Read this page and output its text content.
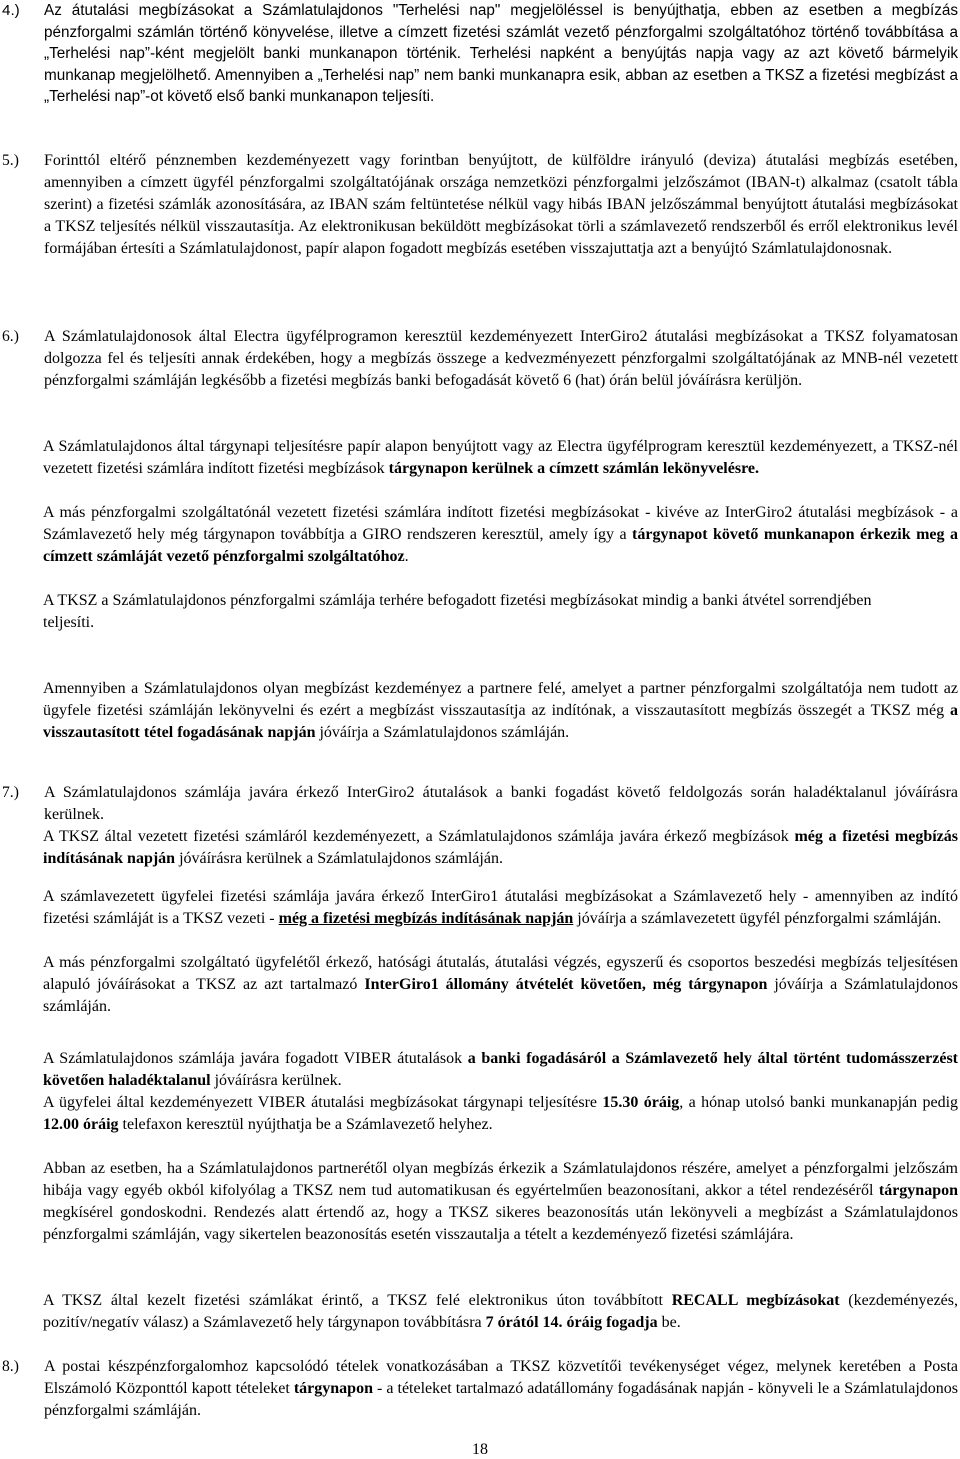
4.)	Az átutalási megbízásokat a Számlatulajdonos "Terhelési nap" megjelöléssel is benyújthatja, ebben az esetben a megbízás pénzforgalmi számlán történő könyvelése, illetve a címzett fizetési számlát vezető pénzforgalmi szolgáltatóhoz történő továbbítása a „Terhelési nap”-ként megjelölt banki munkanapon történik. Terhelési napként a benyújtás napja vagy az azt követő bármelyik munkanap megjelölhető. Amennyiben a „Terhelési nap” nem banki munkanapra esik, abban az esetben a TKSZ a fizetési megbízást a „Terhelési nap”-ot követő első banki munkanapon teljesíti.

5.)	Forinttól eltérő pénznemben kezdeményezett vagy forintban benyújtott, de külföldre irányuló (deviza) átutalási megbízás esetében, amennyiben a címzett ügyfél pénzforgalmi szolgáltatójának országa nemzetközi pénzforgalmi jelzőszámot (IBAN-t) alkalmaz (csatolt tábla szerint) a fizetési számlák azonosítására, az IBAN szám feltüntetése nélkül vagy hibás IBAN jelzőszámmal benyújtott átutalási megbízásokat a TKSZ teljesítés nélkül visszautasítja. Az elektronikusan beküldött megbízásokat törli a számlavezető rendszerből és erről elektronikus levél formájában értesíti a Számlatulajdonost, papír alapon fogadott megbízás esetében visszajuttatja azt a benyújtó Számlatulajdonosnak.

6.)	A Számlatulajdonosok által Electra ügyfélprogramon keresztül kezdeményezett InterGiro2 átutalási megbízásokat a TKSZ folyamatosan dolgozza fel és teljesíti annak érdekében, hogy a megbízás összege a kedvezményezett pénzforgalmi szolgáltatójának az MNB-nél vezetett pénzforgalmi számláján legkésőbb a fizetési megbízás banki befogadását követő 6 (hat) órán belül jóváírásra kerüljön.

A Számlatulajdonos által tárgynapi teljesítésre papír alapon benyújtott vagy az Electra ügyfélprogram keresztül kezdeményezett, a TKSZ-nél vezetett fizetési számlára indított fizetési megbízások tárgynapon kerülnek a címzett számlán lekönyvelésre.

A más pénzforgalmi szolgáltatónál vezetett fizetési számlára indított fizetési megbízásokat - kivéve az InterGiro2 átutalási megbízások - a Számlavezető hely még tárgynapon továbbítja a GIRO rendszeren keresztül, amely így a tárgynapot követő munkanapon érkezik meg a címzett számláját vezető pénzforgalmi szolgáltatóhoz.

A TKSZ a Számlatulajdonos pénzforgalmi számlája terhére befogadott fizetési megbízásokat mindig a banki átvétel sorrendjében
teljesíti.

Amennyiben a Számlatulajdonos olyan megbízást kezdeményez a partnere felé, amelyet a partner pénzforgalmi szolgáltatója nem tudott az ügyfele fizetési számláján lekönyvelni és ezért a megbízást visszautasítja az indítónak, a visszautasított megbízás összegét a TKSZ még a visszautasított tétel fogadásának napján jóváírja a Számlatulajdonos számláján.

7.)	A Számlatulajdonos számlája javára érkező InterGiro2 átutalások a banki fogadást követő feldolgozás során haladéktalanul jóváírásra kerülnek.

A TKSZ által vezetett fizetési számláról kezdeményezett, a Számlatulajdonos számlája javára érkező megbízások még a fizetési megbízás indításának napján jóváírásra kerülnek a Számlatulajdonos számláján.

A számlavezetett ügyfelei fizetési számlája javára érkező InterGiro1 átutalási megbízásokat a Számlavezető hely - amennyiben az indító fizetési számláját is a TKSZ vezeti - még a fizetési megbízás indításának napján jóváírja a számlavezetett ügyfél pénzforgalmi számláján.

A más pénzforgalmi szolgáltató ügyfelétől érkező, hatósági átutalás, átutalási végzés, egyszerű és csoportos beszedési megbízás teljesítésen alapuló jóváírásokat a TKSZ az azt tartalmazó InterGiro1 állomány átvételét követően, még tárgynapon jóváírja a Számlatulajdonos számláján.

A Számlatulajdonos számlája javára fogadott VIBER átutalások a banki fogadásáról a Számlavezető hely által történt tudomásszerzést követően haladéktalanul jóváírásra kerülnek.

A ügyfelei által kezdeményezett VIBER átutalási megbízásokat tárgynapi teljesítésre 15.30 óráig, a hónap utolsó banki munkanapján pedig 12.00 óráig telefaxon keresztül nyújthatja be a Számlavezető helyhez.

Abban az esetben, ha a Számlatulajdonos partnerétől olyan megbízás érkezik a Számlatulajdonos részére, amelyet a pénzforgalmi jelzőszám hibája vagy egyéb okból kifolyólag a TKSZ nem tud automatikusan és egyértelműen beazonosítani, akkor a tétel rendezéséről tárgynapon megkísérel gondoskodni. Rendezés alatt értendő az, hogy a TKSZ sikeres beazonosítás után lekönyveli a megbízást a Számlatulajdonos pénzforgalmi számláján, vagy sikertelen beazonosítás esetén visszautalja a tételt a kezdeményező fizetési számlájára.

A TKSZ által kezelt fizetési számlákat érintő, a TKSZ felé elektronikus úton továbbított RECALL megbízásokat (kezdeményezés, pozitív/negatív válasz) a Számlavezető hely tárgynapon továbbításra 7 órától 14. óráig fogadja be.

8.)	A postai készpénzforgalomhoz kapcsolódó tételek vonatkozásában a TKSZ közvetítői tevékenységet végez, melynek keretében a Posta Elszámoló Központtól kapott tételeket tárgynapon - a tételeket tartalmazó adatállomány fogadásának napján - könyveli le a Számlatulajdonos pénzforgalmi számláján.

18
